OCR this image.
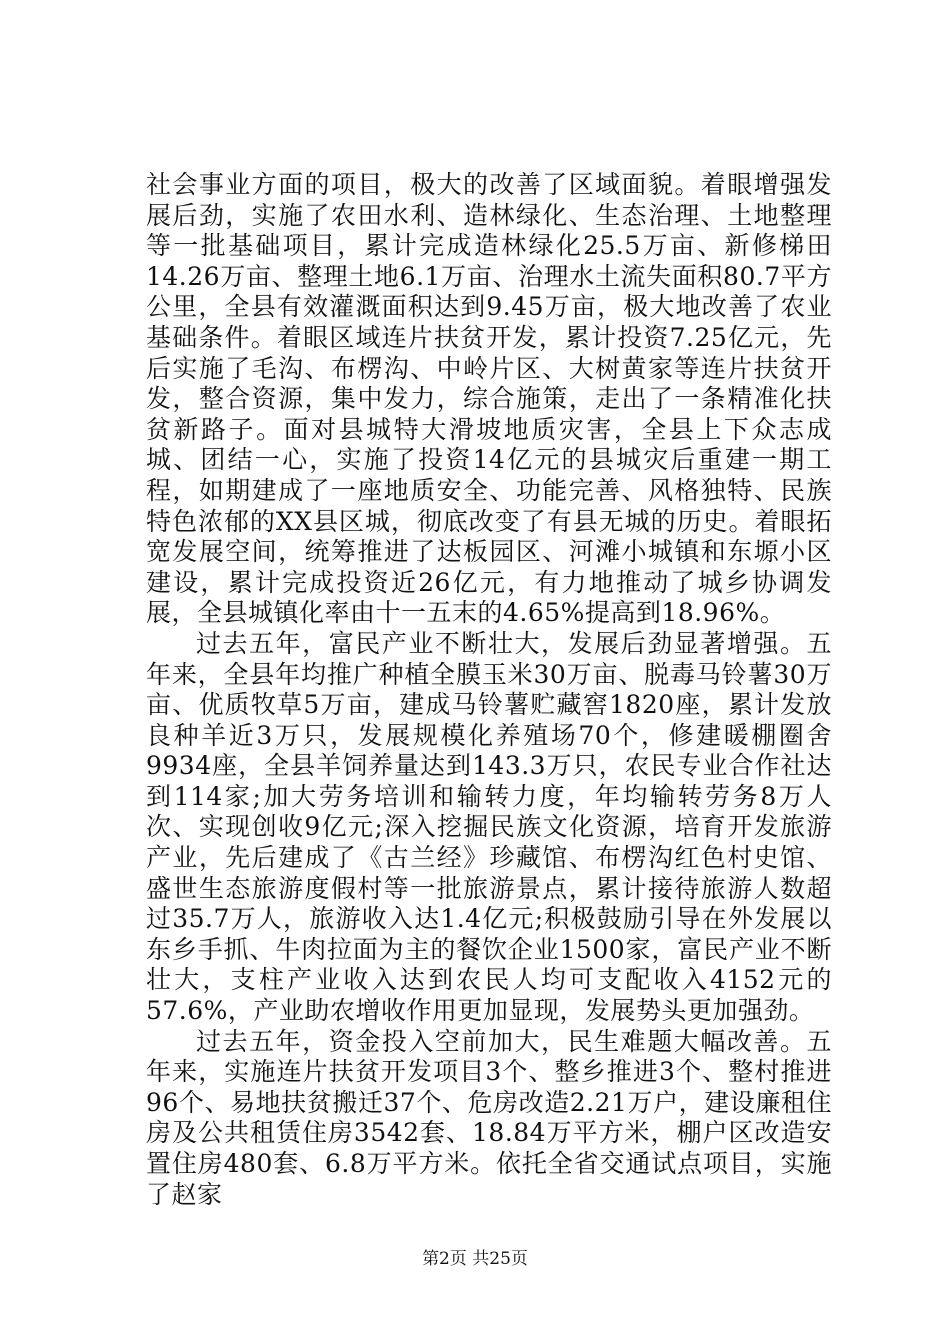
社会事业方面的项目，极大的改善了区域面貌。着眼增强发展后劲，实施了农田水利、造林绿化、生态治理、土地整理等一批基础项目，累计完成造林绿化25.5万亩、新修梯田14.26万亩、整理土地6.1万亩、治理水土流失面积80.7平方公里，全县有效灌溉面积达到9.45万亩，极大地改善了农业基础条件。着眼区域连片扶贫开发，累计投资7.25亿元，先后实施了毛沟、布楞沟、中岭片区、大树黄家等连片扶贫开发，整合资源，集中发力，综合施策，走出了一条精准化扶贫新路子。面对县城特大滑坡地质灾害，全县上下众志成城、团结一心，实施了投资14亿元的县城灾后重建一期工程，如期建成了一座地质安全、功能完善、风格独特、民族特色浓郁的XX县区城，彻底改变了有县无城的历史。着眼拓宽发展空间，统筹推进了达板园区、河滩小城镇和东塬小区建设，累计完成投资近26亿元，有力地推动了城乡协调发展，全县城镇化率由十一五末的4.65%提高到18.96%。

过去五年，富民产业不断壮大，发展后劲显著增强。五年来，全县年均推广种植全膜玉米30万亩、脱毒马铃薯30万亩、优质牧草5万亩，建成马铃薯贮藏窖1820座，累计发放良种羊近3万只，发展规模化养殖场70个，修建暖棚圈舍9934座，全县羊饲养量达到143.3万只，农民专业合作社达到114家;加大劳务培训和输转力度，年均输转劳务8万人次、实现创收9亿元;深入挖掘民族文化资源，培育开发旅游产业，先后建成了《古兰经》珍藏馆、布楞沟红色村史馆、盛世生态旅游度假村等一批旅游景点，累计接待旅游人数超过35.7万人，旅游收入达1.4亿元;积极鼓励引导在外发展以东乡手抓、牛肉拉面为主的餐饮企业1500家，富民产业不断壮大，支柱产业收入达到农民人均可支配收入4152元的57.6%，产业助农增收作用更加显现，发展势头更加强劲。

过去五年，资金投入空前加大，民生难题大幅改善。五年来，实施连片扶贫开发项目3个、整乡推进3个、整村推进96个、易地扶贫搬迁37个、危房改造2.21万户，建设廉租住房及公共租赁住房3542套、18.84万平方米，棚户区改造安置住房480套、6.8万平方米。依托全省交通试点项目，实施了赵家

第2页 共25页
